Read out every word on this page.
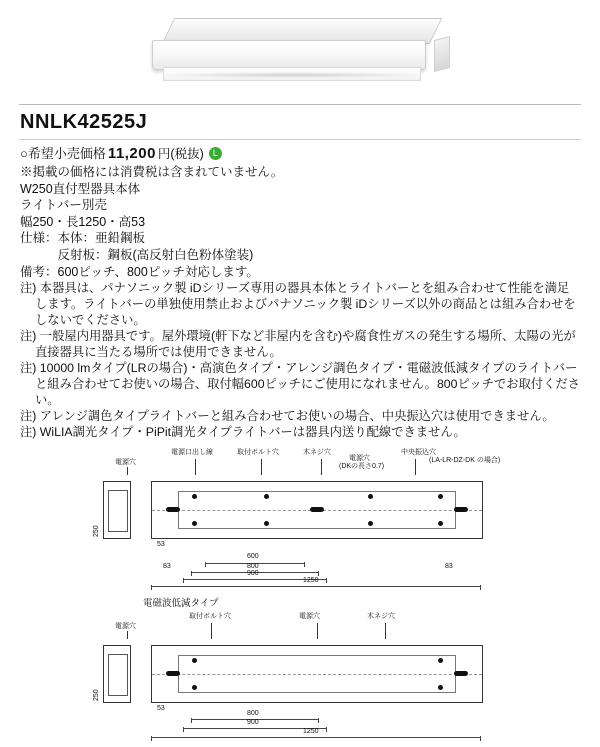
NNLK42525J
○希望小売価格 11,200 円(税抜) L
※掲載の価格には消費税は含まれていません。
W250直付型器具本体
ライトバー別売
幅250・長1250・高53
仕様：本体：亜鉛鋼板
　　　反射板：鋼板(高反射白色粉体塗装)
備考：600ピッチ、800ピッチ対応します。
注) 本器具は、パナソニック製 iDシリーズ専用の器具本体とライトバーとを組み合わせて性能を満足します。ライトバーの単独使用禁止およびパナソニック製 iDシリーズ以外の商品とは組み合わせをしないでください。
注) 一般屋内用器具です。屋外環境(軒下など非屋内を含む)や腐食性ガスの発生する場所、太陽の光が直接器具に当たる場所では使用できません。
注) 10000 lmタイプ(LRの場合)・高演色タイプ・アレンジ調色タイプ・電磁波低減タイプのライトバーと組み合わせてお使いの場合、取付幅600ピッチにご使用になれません。800ピッチでお取付ください。
注) アレンジ調色タイプライトバーと組み合わせてお使いの場合、中央振込穴は使用できません。
注) WiLIA調光タイプ・PiPit調光タイプライトバーは器具内送り配線できません。
電源穴
電源口出し線	取付ボルト穴	木ネジ穴
電源穴
(DKの長さ0.7)
中央振込穴
(LA-LR-DZ-DK の場合)
250
53
600
800
900
1250
83	83
電磁波低減タイプ
電源穴
取付ボルト穴	電源穴	木ネジ穴
250
53
800
900
1250
